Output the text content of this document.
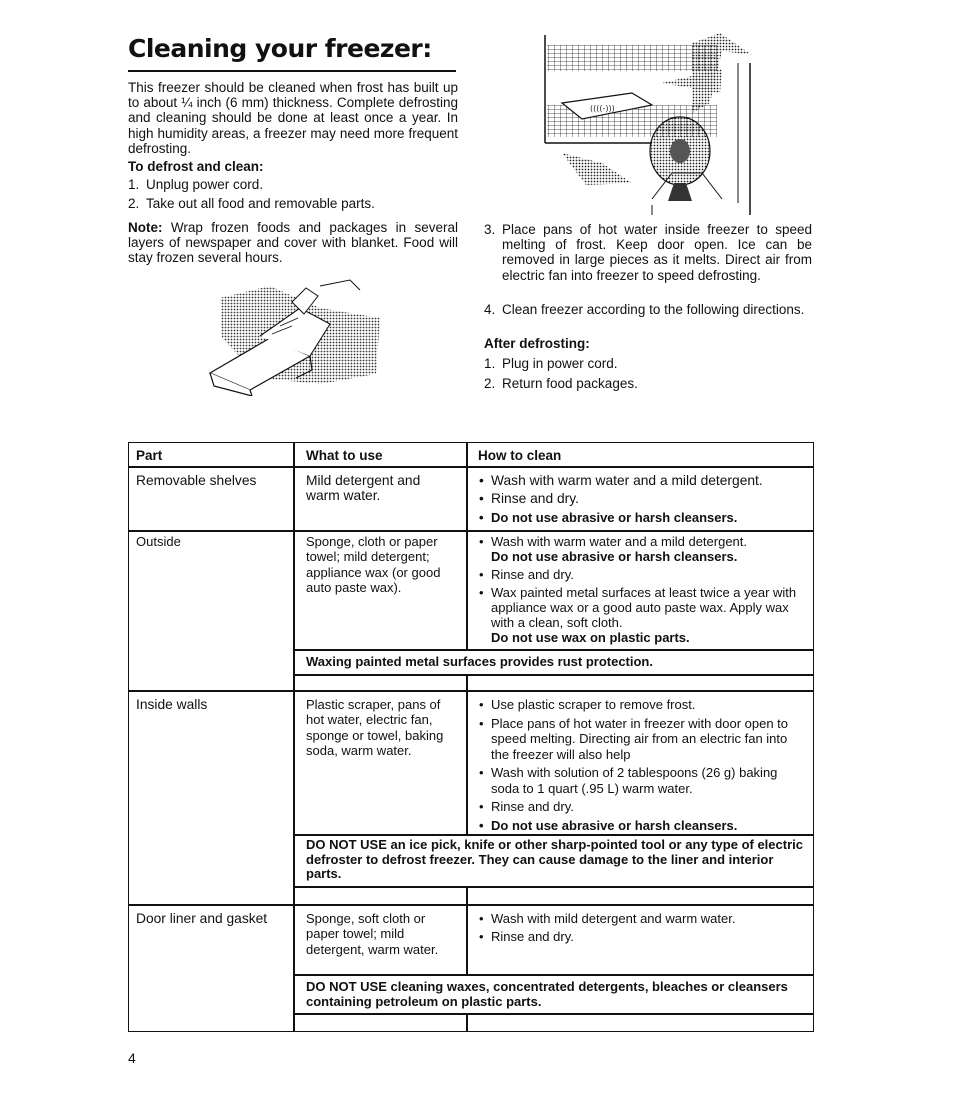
Cleaning your freezer:
This freezer should be cleaned when frost has built up to about ¼ inch (6 mm) thickness. Complete defrosting and cleaning should be done at least once a year. In high humidity areas, a freezer may need more frequent defrosting.
To defrost and clean:
1. Unplug power cord.
2. Take out all food and removable parts.
Note: Wrap frozen foods and packages in several layers of newspaper and cover with blanket. Food will stay frozen several hours.
((((-)))
3. Place pans of hot water inside freezer to speed melting of frost. Keep door open. Ice can be removed in large pieces as it melts. Direct air from electric fan into freezer to speed defrosting.
4. Clean freezer according to the following directions.
After defrosting:
1. Plug in power cord.
2. Return food packages.
Part	What to use	How to clean
Removable shelves	Mild detergent and warm water.
• Wash with warm water and a mild detergent.
• Rinse and dry.
• Do not use abrasive or harsh cleansers.
Outside	Sponge, cloth or paper towel; mild detergent; appliance wax (or good auto paste wax).
• Wash with warm water and a mild detergent.
Do not use abrasive or harsh cleansers.
• Rinse and dry.
• Wax painted metal surfaces at least twice a year with appliance wax or a good auto paste wax. Apply wax with a clean, soft cloth.
Do not use wax on plastic parts.
Waxing painted metal surfaces provides rust protection.
Inside walls	Plastic scraper, pans of hot water, electric fan, sponge or towel, baking soda, warm water.
• Use plastic scraper to remove frost.
• Place pans of hot water in freezer with door open to speed melting. Directing air from an electric fan into the freezer will also help
• Wash with solution of 2 tablespoons (26 g) baking soda to 1 quart (.95 L) warm water.
• Rinse and dry.
• Do not use abrasive or harsh cleansers.
DO NOT USE an ice pick, knife or other sharp-pointed tool or any type of electric defroster to defrost freezer. They can cause damage to the liner and interior parts.
Door liner and gasket	Sponge, soft cloth or paper towel; mild detergent, warm water.
• Wash with mild detergent and warm water.
• Rinse and dry.
DO NOT USE cleaning waxes, concentrated detergents, bleaches or cleansers containing petroleum on plastic parts.
4
